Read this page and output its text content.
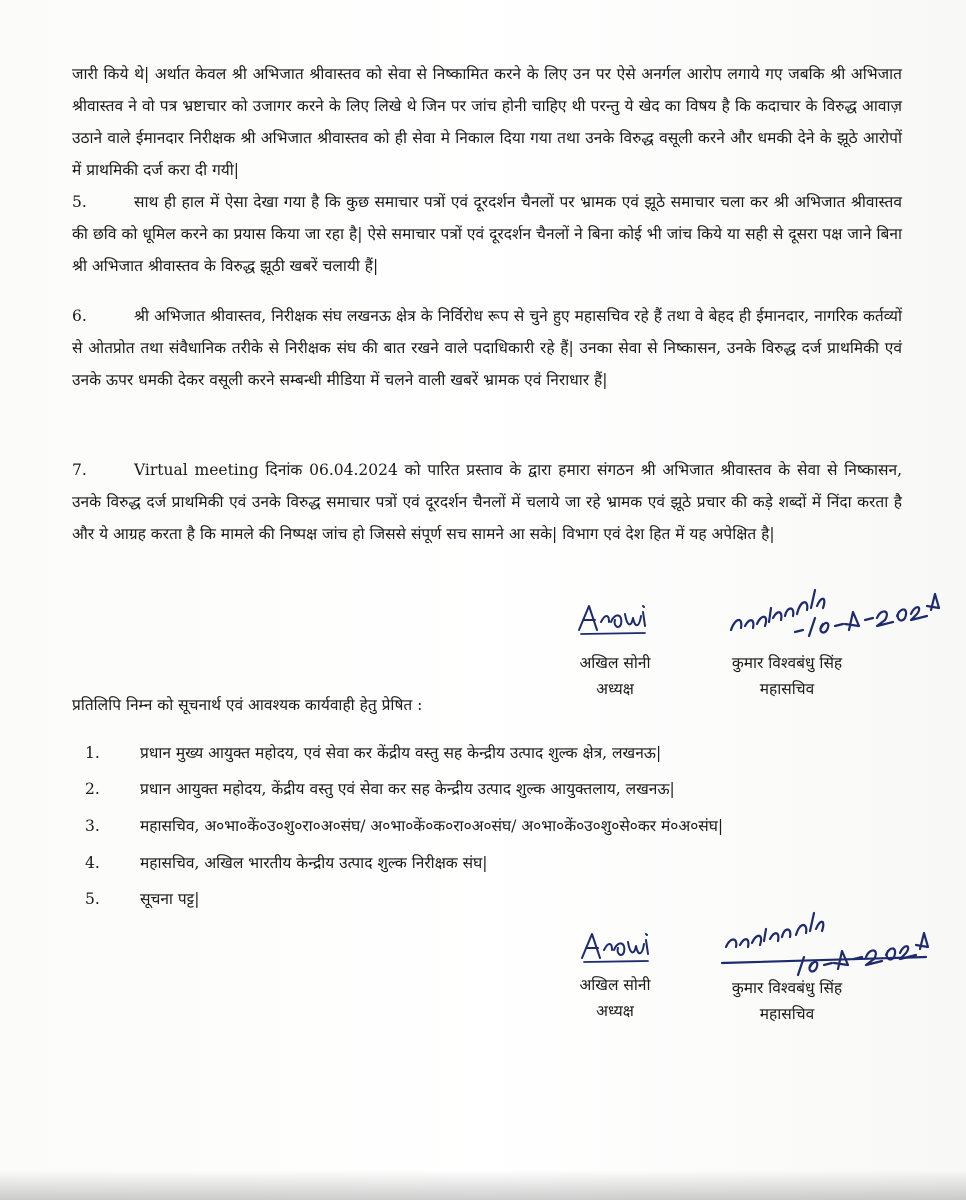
जारी किये थे| अर्थात केवल श्री अभिजात श्रीवास्तव को सेवा से निष्कामित करने के लिए उन पर ऐसे अनर्गल आरोप लगाये गए जबकि श्री अभिजात श्रीवास्तव ने वो पत्र भ्रष्टाचार को उजागर करने के लिए लिखे थे जिन पर जांच होनी चाहिए थी परन्तु ये खेद का विषय है कि कदाचार के विरुद्ध आवाज़ उठाने वाले ईमानदार निरीक्षक श्री अभिजात श्रीवास्तव को ही सेवा मे निकाल दिया गया तथा उनके विरुद्ध वसूली करने और धमकी देने के झूठे आरोपों में प्राथमिकी दर्ज करा दी गयी|
5.	साथ ही हाल में ऐसा देखा गया है कि कुछ समाचार पत्रों एवं दूरदर्शन चैनलों पर भ्रामक एवं झूठे समाचार चला कर श्री अभिजात श्रीवास्तव की छवि को धूमिल करने का प्रयास किया जा रहा है| ऐसे समाचार पत्रों एवं दूरदर्शन चैनलों ने बिना कोई भी जांच किये या सही से दूसरा पक्ष जाने बिना श्री अभिजात श्रीवास्तव के विरुद्ध झूठी खबरें चलायी हैं|
6.	श्री अभिजात श्रीवास्तव, निरीक्षक संघ लखनऊ क्षेत्र के निर्विरोध रूप से चुने हुए महासचिव रहे हैं तथा वे बेहद ही ईमानदार, नागरिक कर्तव्यों से ओतप्रोत तथा संवैधानिक तरीके से निरीक्षक संघ की बात रखने वाले पदाधिकारी रहे हैं| उनका सेवा से निष्कासन, उनके विरुद्ध दर्ज प्राथमिकी एवं उनके ऊपर धमकी देकर वसूली करने सम्बन्धी मीडिया में चलने वाली खबरें भ्रामक एवं निराधार हैं|
7.	Virtual meeting दिनांक 06.04.2024 को पारित प्रस्ताव के द्वारा हमारा संगठन श्री अभिजात श्रीवास्तव के सेवा से निष्कासन, उनके विरुद्ध दर्ज प्राथमिकी एवं उनके विरुद्ध समाचार पत्रों एवं दूरदर्शन चैनलों में चलाये जा रहे भ्रामक एवं झूठे प्रचार की कड़े शब्दों में निंदा करता है और ये आग्रह करता है कि मामले की निष्पक्ष जांच हो जिससे संपूर्ण सच सामने आ सके| विभाग एवं देश हित में यह अपेक्षित है|
अखिल सोनी
अध्यक्ष
कुमार विश्वबंधु सिंह
महासचिव
प्रतिलिपि निम्न को सूचनार्थ एवं आवश्यक कार्यवाही हेतु प्रेषित :
1.	प्रधान मुख्य आयुक्त महोदय, एवं सेवा कर केंद्रीय वस्तु सह केन्द्रीय उत्पाद शुल्क क्षेत्र, लखनऊ|
2.	प्रधान आयुक्त महोदय, केंद्रीय वस्तु एवं सेवा कर सह केन्द्रीय उत्पाद शुल्क आयुक्तलाय, लखनऊ|
3.	महासचिव, अ०भा०कें०उ०शु०रा०अ०संघ/ अ०भा०कें०क०रा०अ०संघ/ अ०भा०कें०उ०शु०से०कर मं०अ०संघ|
4.	महासचिव, अखिल भारतीय केन्द्रीय उत्पाद शुल्क निरीक्षक संघ|
5.	सूचना पट्ट|
अखिल सोनी
अध्यक्ष
कुमार विश्वबंधु सिंह
महासचिव
